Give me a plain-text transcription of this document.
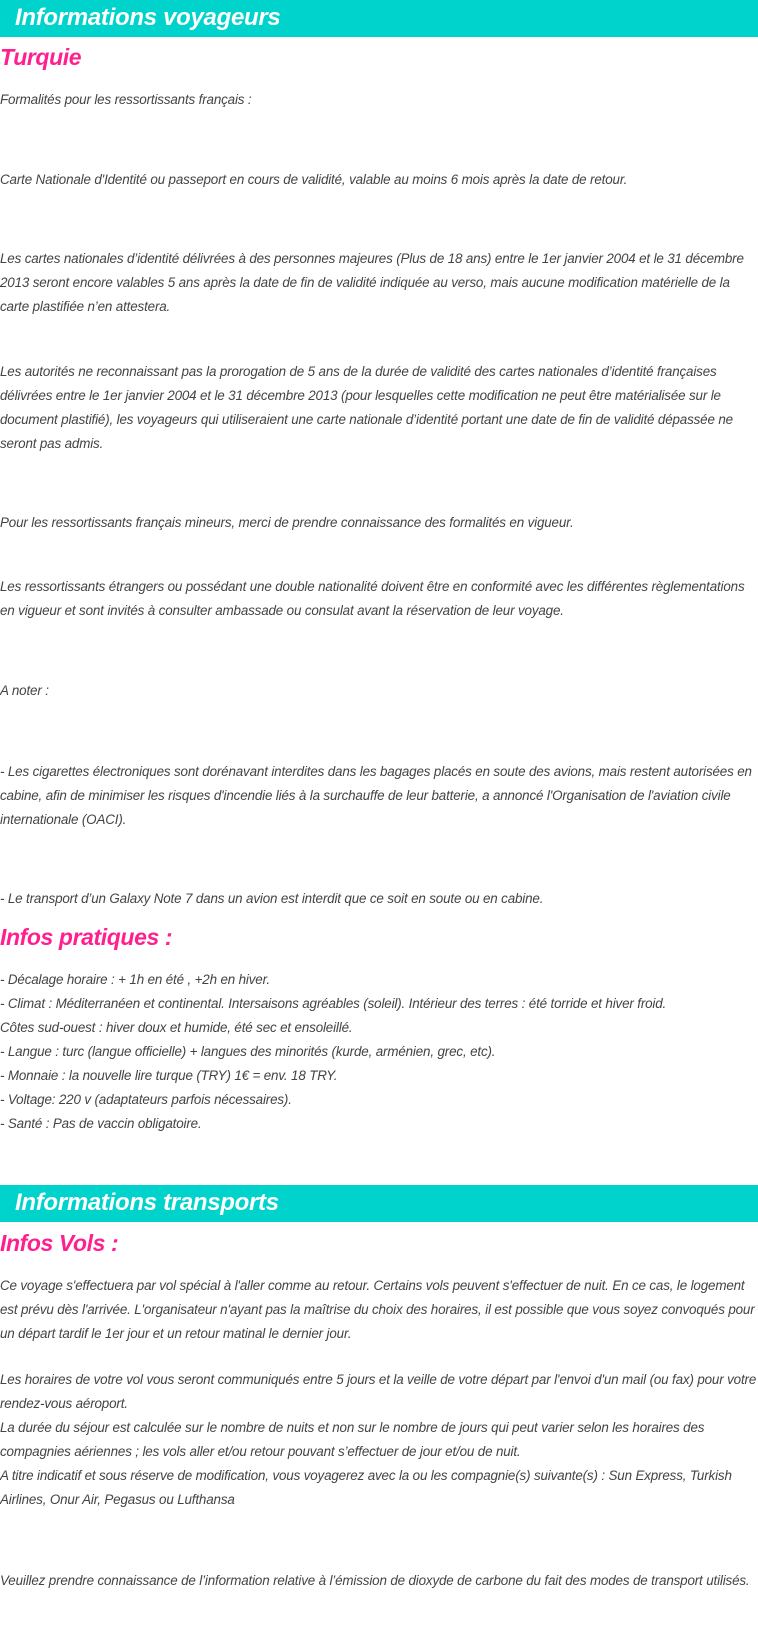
Informations voyageurs
Turquie

Formalités pour les ressortissants français :

Carte Nationale d'Identité ou passeport en cours de validité, valable au moins 6 mois après la date de retour.

Les cartes nationales d’identité délivrées à des personnes majeures (Plus de 18 ans) entre le 1er janvier 2004 et le 31 décembre 2013 seront encore valables 5 ans après la date de fin de validité indiquée au verso, mais aucune modification matérielle de la carte plastifiée n’en attestera.

Les autorités ne reconnaissant pas la prorogation de 5 ans de la durée de validité des cartes nationales d’identité françaises délivrées entre le 1er janvier 2004 et le 31 décembre 2013 (pour lesquelles cette modification ne peut être matérialisée sur le document plastifié), les voyageurs qui utiliseraient une carte nationale d’identité portant une date de fin de validité dépassée ne seront pas admis.

Pour les ressortissants français mineurs, merci de prendre connaissance des formalités en vigueur.

Les ressortissants étrangers ou possédant une double nationalité doivent être en conformité avec les différentes règlementations en vigueur et sont invités à consulter ambassade ou consulat avant la réservation de leur voyage.

A noter :

- Les cigarettes électroniques sont dorénavant interdites dans les bagages placés en soute des avions, mais restent autorisées en cabine, afin de minimiser les risques d'incendie liés à la surchauffe de leur batterie, a annoncé l'Organisation de l'aviation civile internationale (OACI).

- Le transport d’un Galaxy Note 7 dans un avion est interdit que ce soit en soute ou en cabine.

Infos pratiques :
- Décalage horaire : + 1h en été , +2h en hiver.
- Climat : Méditerranéen et continental. Intersaisons agréables (soleil). Intérieur des terres : été torride et hiver froid.
Côtes sud-ouest : hiver doux et humide, été sec et ensoleillé.
- Langue : turc (langue officielle) + langues des minorités (kurde, arménien, grec, etc).
- Monnaie : la nouvelle lire turque (TRY) 1€ = env. 18 TRY.
- Voltage: 220 v (adaptateurs parfois nécessaires).
- Santé : Pas de vaccin obligatoire.
Informations transports
Infos Vols :

Ce voyage s'effectuera par vol spécial à l'aller comme au retour. Certains vols peuvent s'effectuer de nuit. En ce cas, le logement est prévu dès l'arrivée. L'organisateur n'ayant pas la maîtrise du choix des horaires, il est possible que vous soyez convoqués pour un départ tardif le 1er jour et un retour matinal le dernier jour.

Les horaires de votre vol vous seront communiqués entre 5 jours et la veille de votre départ par l'envoi d'un mail (ou fax) pour votre rendez-vous aéroport.
La durée du séjour est calculée sur le nombre de nuits et non sur le nombre de jours qui peut varier selon les horaires des compagnies aériennes ; les vols aller et/ou retour pouvant s’effectuer de jour et/ou de nuit.
A titre indicatif et sous réserve de modification, vous voyagerez avec la ou les compagnie(s) suivante(s) : Sun Express, Turkish Airlines, Onur Air, Pegasus ou Lufthansa

Veuillez prendre connaissance de l’information relative à l’émission de dioxyde de carbone du fait des modes de transport utilisés.
